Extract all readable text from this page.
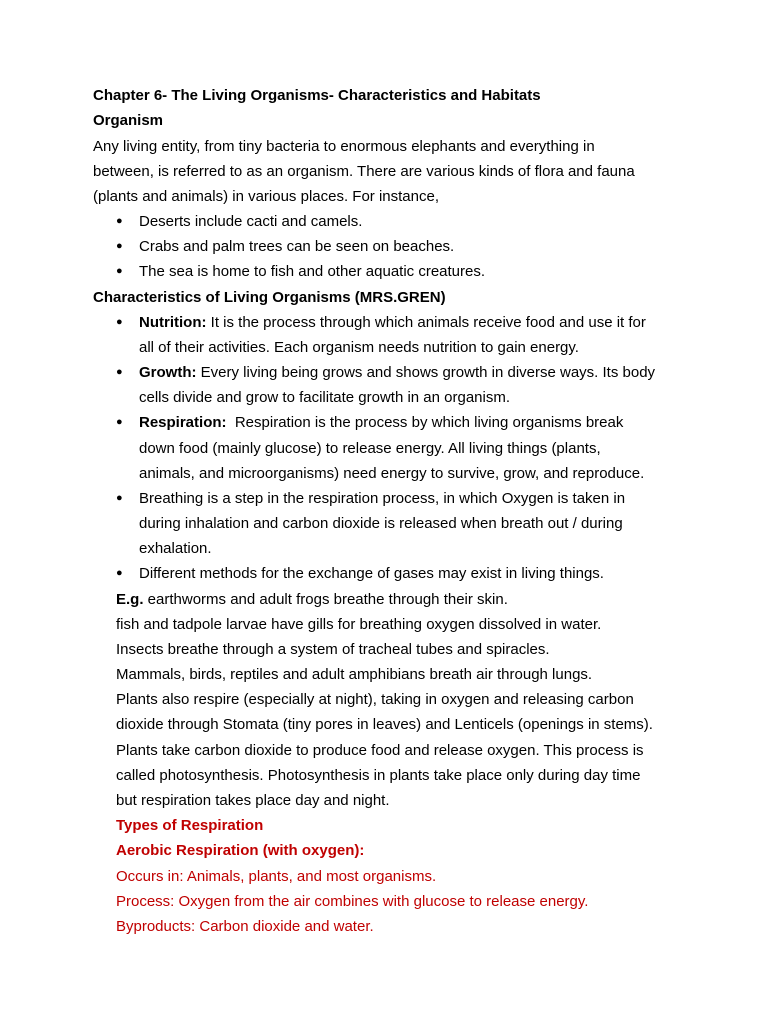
Chapter 6- The Living Organisms- Characteristics and Habitats
Organism
Any living entity, from tiny bacteria to enormous elephants and everything in
between, is referred to as an organism. There are various kinds of flora and fauna
(plants and animals) in various places. For instance,
● Deserts include cacti and camels.
● Crabs and palm trees can be seen on beaches.
● The sea is home to fish and other aquatic creatures.
Characteristics of Living Organisms (MRS.GREN)
● Nutrition: It is the process through which animals receive food and use it for
all of their activities. Each organism needs nutrition to gain energy.
● Growth: Every living being grows and shows growth in diverse ways. Its body
cells divide and grow to facilitate growth in an organism.
● Respiration:  Respiration is the process by which living organisms break
down food (mainly glucose) to release energy. All living things (plants,
animals, and microorganisms) need energy to survive, grow, and reproduce.
● Breathing is a step in the respiration process, in which Oxygen is taken in
during inhalation and carbon dioxide is released when breath out / during
exhalation.
● Different methods for the exchange of gases may exist in living things.
E.g. earthworms and adult frogs breathe through their skin.
fish and tadpole larvae have gills for breathing oxygen dissolved in water.
Insects breathe through a system of tracheal tubes and spiracles.
Mammals, birds, reptiles and adult amphibians breath air through lungs.
Plants also respire (especially at night), taking in oxygen and releasing carbon
dioxide through Stomata (tiny pores in leaves) and Lenticels (openings in stems).
Plants take carbon dioxide to produce food and release oxygen. This process is
called photosynthesis. Photosynthesis in plants take place only during day time
but respiration takes place day and night.
Types of Respiration
Aerobic Respiration (with oxygen):
Occurs in: Animals, plants, and most organisms.
Process: Oxygen from the air combines with glucose to release energy.
Byproducts: Carbon dioxide and water.
